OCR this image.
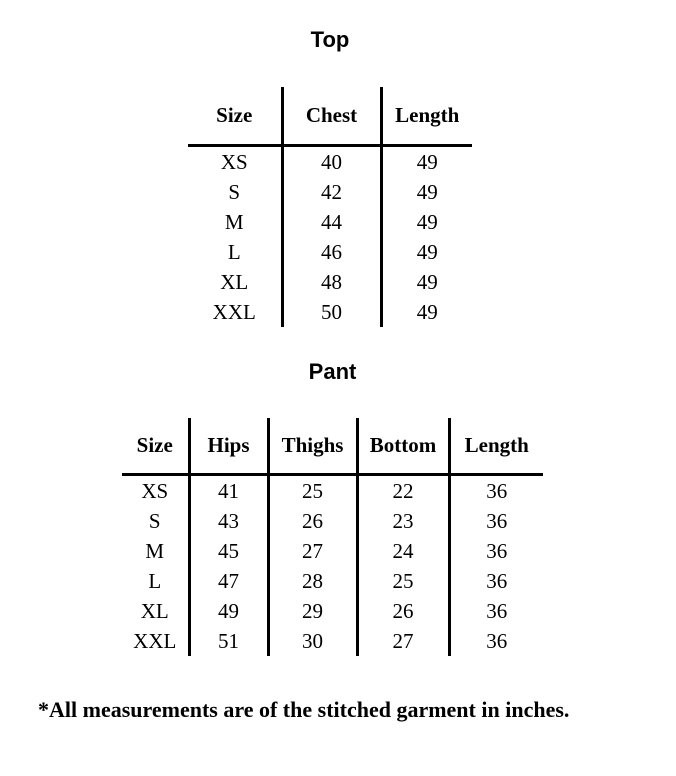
Top
Size	Chest	Length
XS	40	49
S	42	49
M	44	49
L	46	49
XL	48	49
XXL	50	49
Pant
Size	Hips	Thighs	Bottom	Length
XS	41	25	22	36
S	43	26	23	36
M	45	27	24	36
L	47	28	25	36
XL	49	29	26	36
XXL	51	30	27	36
*All measurements are of the stitched garment in inches.
